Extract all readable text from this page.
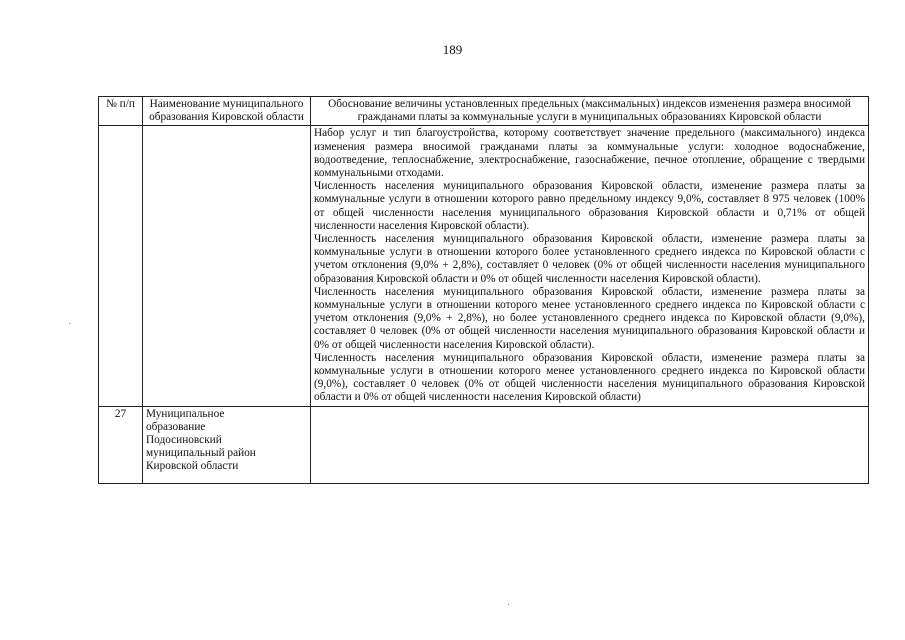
189
№ п/п	Наименование муниципального образования Кировской области	Обоснование величины установленных предельных (максимальных) индексов изменения размера вносимой гражданами платы за коммунальные услуги в муниципальных образованиях Кировской области

		Набор услуг и тип благоустройства, которому соответствует значение предельного (максимального) индекса изменения размера вносимой гражданами платы за коммунальные услуги: холодное водоснабжение, водоотведение, теплоснабжение, электроснабжение, газоснабжение, печное отопление, обращение с твердыми коммунальными отходами.
Численность населения муниципального образования Кировской области, изменение размера платы за коммунальные услуги в отношении которого равно предельному индексу 9,0%, составляет 8 975 человек (100% от общей численности населения муниципального образования Кировской области и 0,71% от общей численности населения Кировской области).
Численность населения муниципального образования Кировской области, изменение размера платы за коммунальные услуги в отношении которого более установленного среднего индекса по Кировской области с учетом отклонения (9,0% + 2,8%), составляет 0 человек (0% от общей численности населения муниципального образования Кировской области и 0% от общей численности населения Кировской области).
Численность населения муниципального образования Кировской области, изменение размера платы за коммунальные услуги в отношении которого менее установленного среднего индекса по Кировской области с учетом отклонения (9,0% + 2,8%), но более установленного среднего индекса по Кировской области (9,0%), составляет 0 человек (0% от общей численности населения муниципального образования Кировской области и 0% от общей численности населения Кировской области).
Численность населения муниципального образования Кировской области, изменение размера платы за коммунальные услуги в отношении которого менее установленного среднего индекса по Кировской области (9,0%), составляет 0 человек (0% от общей численности населения муниципального образования Кировской области и 0% от общей численности населения Кировской области)

27	Муниципальное
образование
Подосиновский
муниципальный район
Кировской области	
